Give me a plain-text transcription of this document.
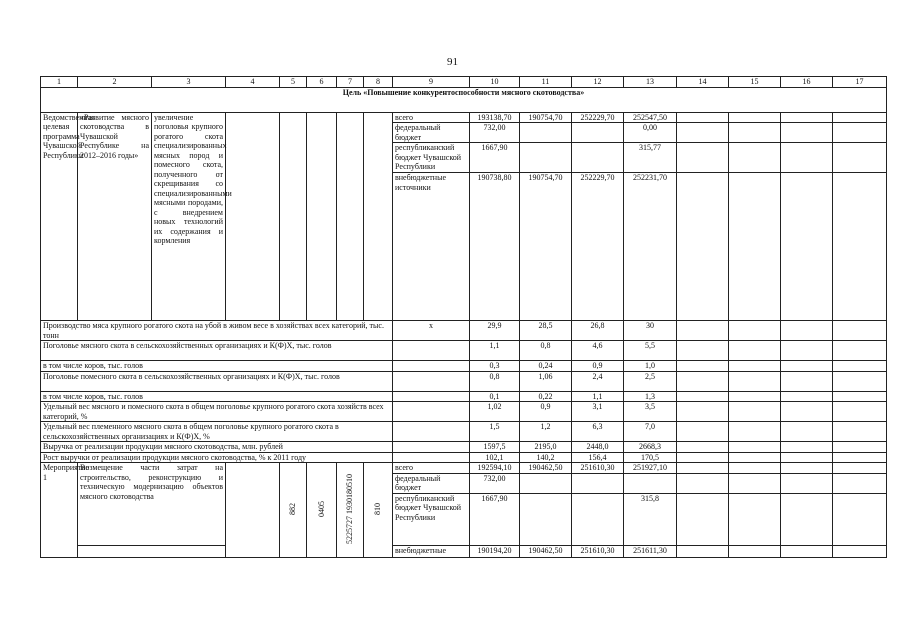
91
1	2	3	4	5	6	7	8	9	10	11	12	13	14	15	16	17
Цель «Повышение конкурентоспособности мясного скотоводства»																
Ведомственная целевая программа Чувашской Республики	«Развитие мясного скотоводства в Чувашской Республике на 2012–2016 годы»	увеличение поголовья крупного рогатого скота специализированных мясных пород и помесного скота, полученного от скрещивания со специализированными мясными породами, с внедрением новых технологий их содержания и кормления						всего	193138,70	190754,70	252229,70	252547,50				
								федеральный бюджет	732,00			0,00				
								республиканский бюджет Чувашской Республики	1667,90			315,77				
								внебюджетные источники	190738,80	190754,70	252229,70	252231,70				
Производство мяса крупного рогатого скота на убой в живом весе в хозяйствах всех категорий, тыс. тонн								х	29,9	28,5	26,8	30				
Поголовье мясного скота в сельскохозяйственных организациях и К(Ф)Х, тыс. голов									1,1	0,8	4,6	5,5				
в том числе коров, тыс. голов									0,3	0,24	0,9	1,0				
Поголовье помесного скота в сельскохозяйственных организациях и К(Ф)Х, тыс. голов									0,8	1,06	2,4	2,5				
в том числе коров, тыс. голов									0,1	0,22	1,1	1,3				
Удельный вес мясного и помесного скота в общем поголовье крупного рогатого скота хозяйств всех категорий, %									1,02	0,9	3,1	3,5				
Удельный вес племенного мясного скота в общем поголовье крупного рогатого скота в сельскохозяйственных организациях и К(Ф)Х, %									1,5	1,2	6,3	7,0				
Выручка от реализации продукции мясного скотоводства, млн. рублей									1597,5	2195,0	2448,0	2668,3				
Рост выручки от реализации продукции мясного скотоводства, % к 2011 году									102,1	140,2	156,4	170,5				
Мероприятие 1	Возмещение части затрат на строительство, реконструкцию и техническую модернизацию объектов мясного скотоводства			882	0405	5225727 1930180510	810	всего	192594,10	190462,50	251610,30	251927,10				
								федеральный бюджет	732,00							
								республиканский бюджет Чувашской Республики	1667,90			315,8				
								внебюджетные	190194,20	190462,50	251610,30	251611,30				
